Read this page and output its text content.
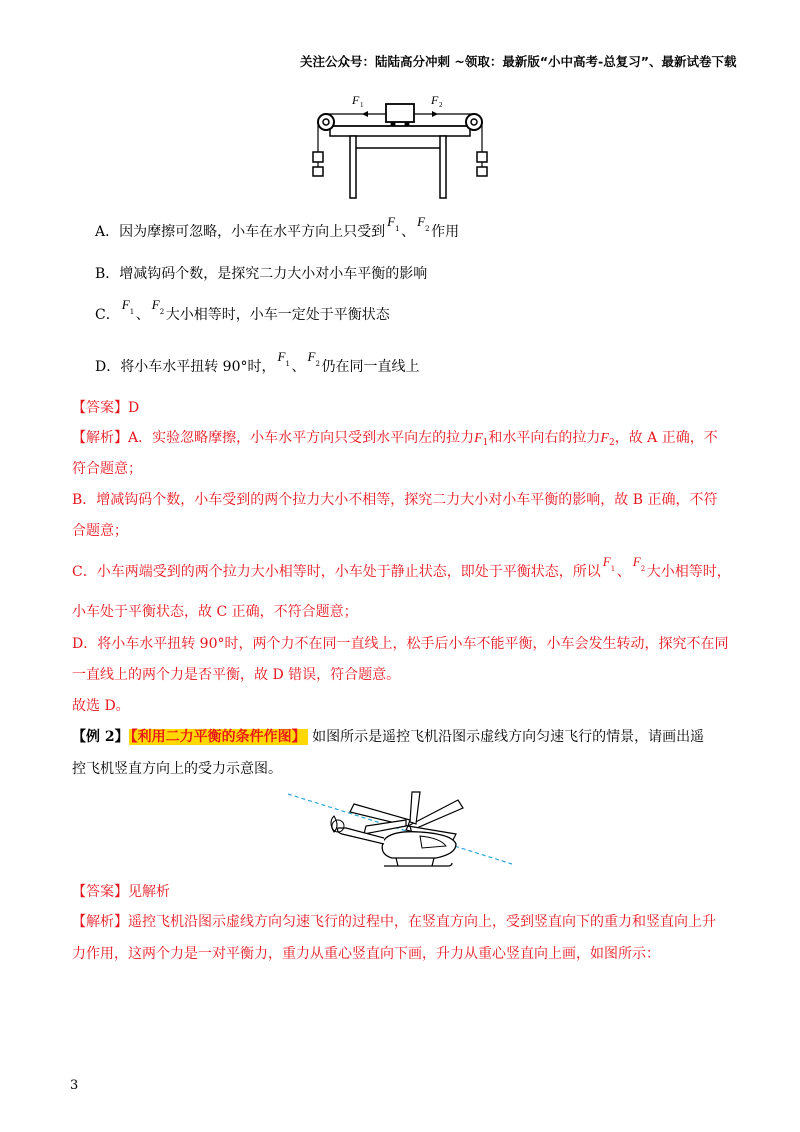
关注公众号：陆陆高分冲刺 ~领取：最新版“小中高考-总复习”、最新试卷下载
F 1	F 2
A．因为摩擦可忽略，小车在水平方向上只受到
F 1 、
F 2 作用
B．增减钩码个数，是探究二力大小对小车平衡的影响
C．
F 1 、
F 2 大小相等时，小车一定处于平衡状态
D．将小车水平扭转 90°时，
F 1 、
F 2 仍在同一直线上
【答案】D
【解析】A．实验忽略摩擦，小车水平方向只受到水平向左的拉力$F_1$和水平向右的拉力$F_2$，故 A 正确，不
符合题意；
B．增减钩码个数，小车受到的两个拉力大小不相等，探究二力大小对小车平衡的影响，故 B 正确，不符
合题意；
C．小车两端受到的两个拉力大小相等时，小车处于静止状态，即处于平衡状态，所以
F 1 、
F 2 大小相等时，
小车处于平衡状态，故 C 正确，不符合题意；
D．将小车水平扭转 90°时，两个力不在同一直线上，松手后小车不能平衡，小车会发生转动，探究不在同
一直线上的两个力是否平衡，故 D 错误，符合题意。
故选 D。
【例 2】 【利用二力平衡的条件作图】 如图所示是遥控飞机沿图示虚线方向匀速飞行的情景，请画出遥
控飞机竖直方向上的受力示意图。
【答案】见解析
【解析】遥控飞机沿图示虚线方向匀速飞行的过程中，在竖直方向上，受到竖直向下的重力和竖直向上升
力作用，这两个力是一对平衡力，重力从重心竖直向下画，升力从重心竖直向上画，如图所示：
3
